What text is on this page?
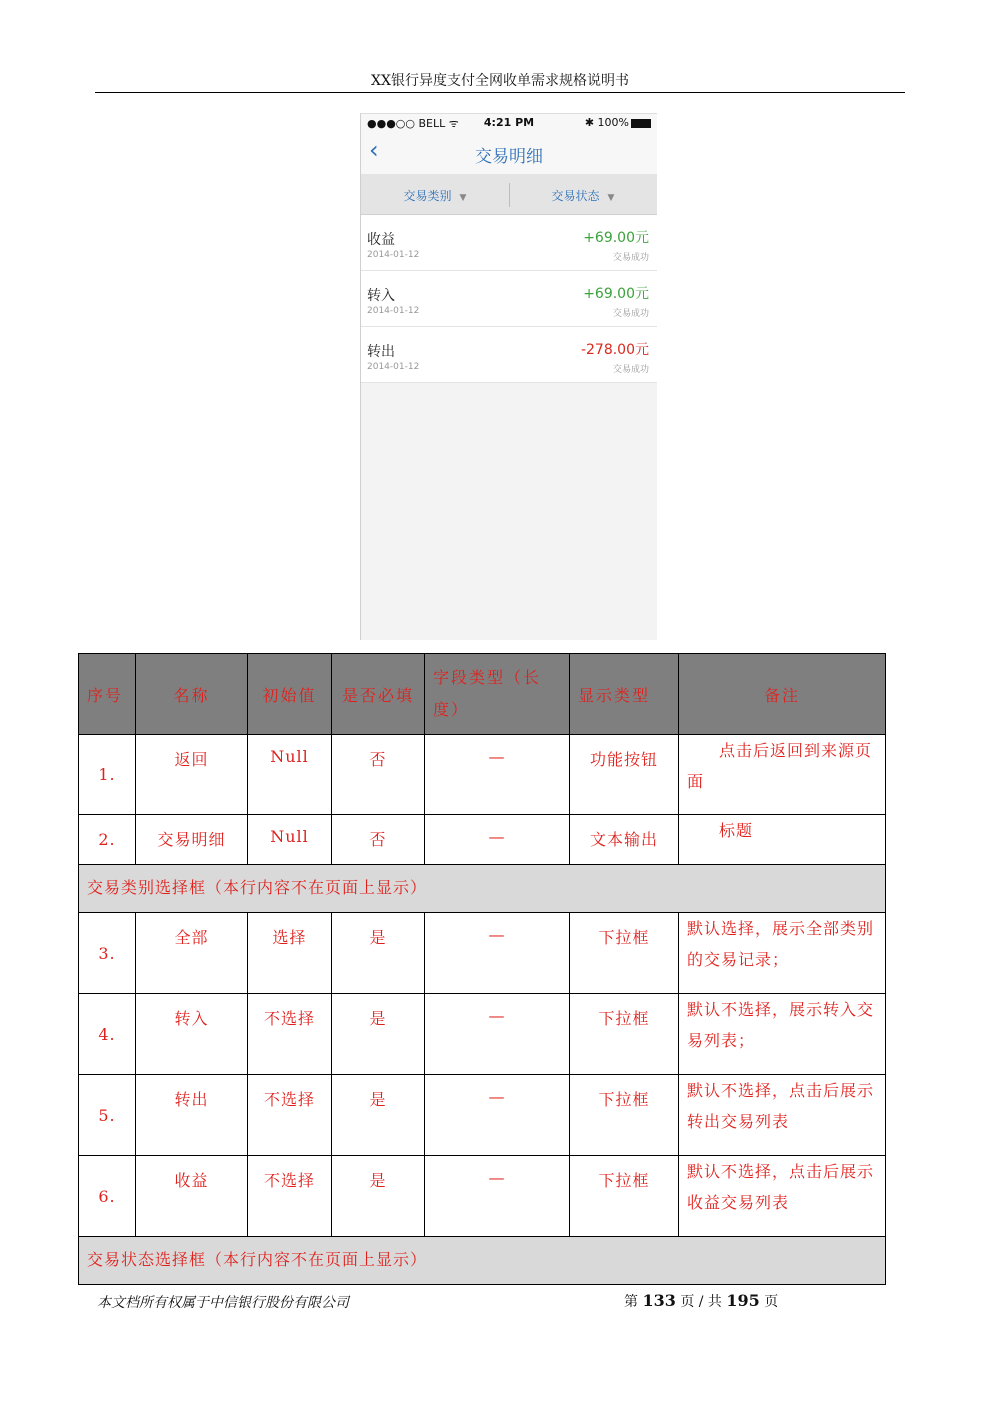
XX银行异度支付全网收单需求规格说明书
●●●○○ BELL ᯤ	4:21 PM	✱ 100%
‹	交易明细
交易类别 ▼	交易状态 ▼
收益
2014-01-12
+69.00元
交易成功
转入
2014-01-12
+69.00元
交易成功
转出
2014-01-12
-278.00元
交易成功
序号	名称	初始值	是否必填	字段类型（长度）	显示类型	备注
1.	返回	Null	否	—	功能按钮	点击后返回到来源页面
2.	交易明细	Null	否	—	文本输出	标题
交易类别选择框（本行内容不在页面上显示）						
3.	全部	选择	是	—	下拉框	默认选择，展示全部类别的交易记录；
4.	转入	不选择	是	—	下拉框	默认不选择，展示转入交易列表；
5.	转出	不选择	是	—	下拉框	默认不选择，点击后展示转出交易列表
6.	收益	不选择	是	—	下拉框	默认不选择，点击后展示收益交易列表
交易状态选择框（本行内容不在页面上显示）						
本文档所有权属于中信银行股份有限公司	第 133 页 / 共 195 页
